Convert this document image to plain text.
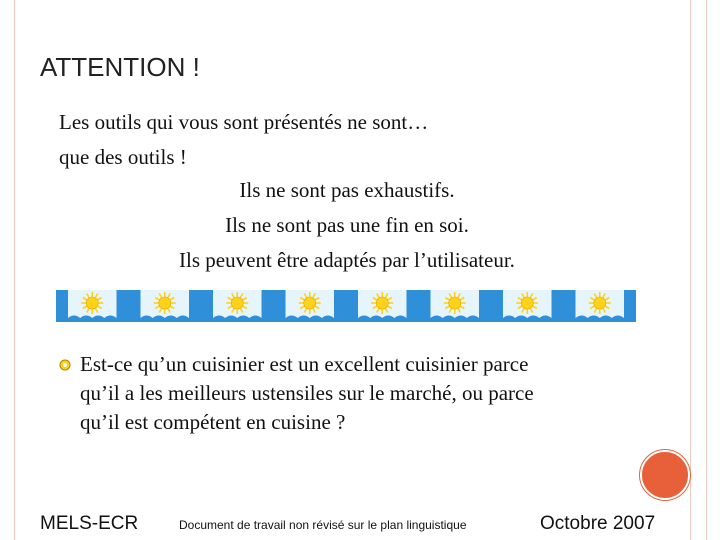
ATTENTION !
Les outils qui vous sont présentés ne sont…
que des outils !
Ils ne sont pas exhaustifs.
Ils ne sont pas une fin en soi.
Ils peuvent être adaptés par l’utilisateur.
Est-ce qu’un cuisinier est un excellent cuisinier parce
qu’il a les meilleurs ustensiles sur le marché, ou parce
qu’il est compétent en cuisine ?
MELS-ECR	Document de travail non révisé sur le plan linguistique	Octobre 2007
